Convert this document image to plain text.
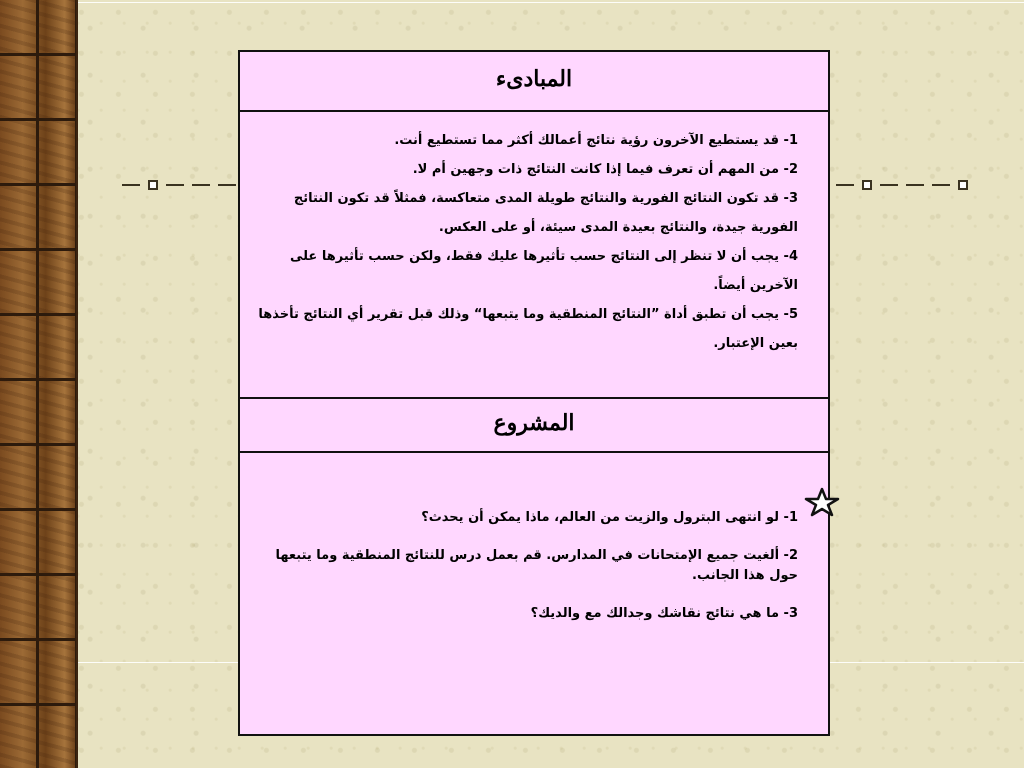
المبادىء

1- قد يستطيع الآخرون رؤية نتائج أعمالك أكثر مما تستطيع أنت.

2- من المهم أن تعرف فيما إذا كانت النتائج ذات وجهين أم لا.

3- قد تكون النتائج الفورية والنتائج طويلة المدى متعاكسة، فمثلاً قد تكون النتائج الفورية جيدة، والنتائج بعيدة المدى سيئة، أو على العكس.

4- يجب أن لا تنظر إلى النتائج حسب تأثيرها عليك فقط، ولكن حسب تأثيرها على الآخرين أيضاً.

5- يجب أن تطبق أداة ”النتائج المنطقية وما يتبعها“ وذلك قبل تقرير أي النتائج تأخذها بعين الإعتبار.

المشروع

1- لو انتهى البترول والزيت من العالم، ماذا يمكن أن يحدث؟

2- ألغيت جميع الإمتحانات في المدارس. قم بعمل درس للنتائج المنطقية وما يتبعها حول هذا الجانب.

3- ما هي نتائج نقاشك وجدالك مع والديك؟
